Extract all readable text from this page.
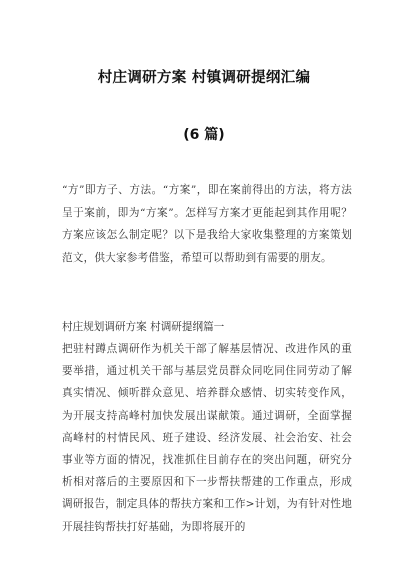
村庄调研方案 村镇调研提纲汇编
(6 篇)
“方”即方子、方法。“方案”，即在案前得出的方法，将方法呈于案前，即为“方案”。怎样写方案才更能起到其作用呢？方案应该怎么制定呢？以下是我给大家收集整理的方案策划范文，供大家参考借鉴，希望可以帮助到有需要的朋友。
村庄规划调研方案 村调研提纲篇一
把驻村蹲点调研作为机关干部了解基层情况、改进作风的重要举措，通过机关干部与基层党员群众同吃同住同劳动了解真实情况、倾听群众意见、培养群众感情、切实转变作风，为开展支持高峰村加快发展出谋献策。通过调研，全面掌握高峰村的村情民风、班子建设、经济发展、社会治安、社会事业等方面的情况，找准抓住目前存在的突出问题，研究分析相对落后的主要原因和下一步帮扶帮建的工作重点，形成调研报告，制定具体的帮扶方案和工作>计划，为有针对性地开展挂钩帮扶打好基础，为即将展开的
